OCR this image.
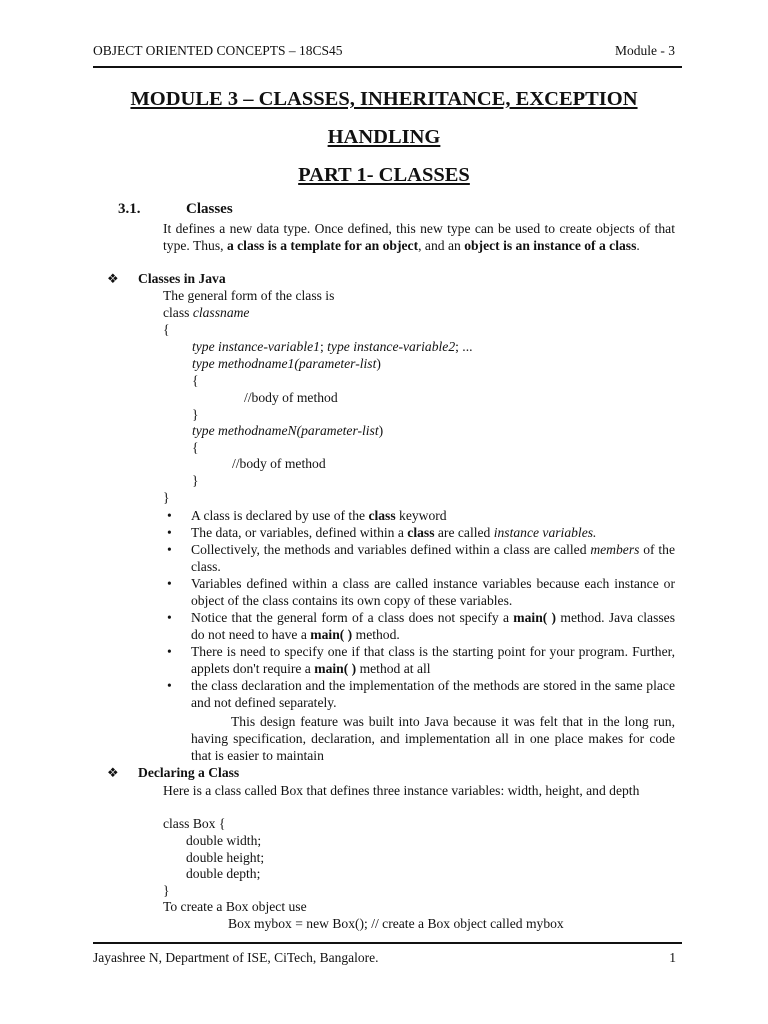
OBJECT ORIENTED CONCEPTS – 18CS45	Module - 3
MODULE 3 – CLASSES, INHERITANCE, EXCEPTION
HANDLING
PART 1- CLASSES
3.1.	Classes
It defines a new data type. Once defined, this new type can be used to create objects of that type. Thus, a class is a template for an object, and an object is an instance of a class.
❖ Classes in Java
The general form of the class is
class classname
{
type instance-variable1; type instance-variable2; ...
type methodname1(parameter-list)
{
//body of method
}
type methodnameN(parameter-list)
{
//body of method
}
}
• A class is declared by use of the class keyword
• The data, or variables, defined within a class are called instance variables.
• Collectively, the methods and variables defined within a class are called members of the class.
• Variables defined within a class are called instance variables because each instance or object of the class contains its own copy of these variables.
• Notice that the general form of a class does not specify a main( ) method. Java classes do not need to have a main( ) method.
• There is need to specify one if that class is the starting point for your program. Further, applets don't require a main( ) method at all
• the class declaration and the implementation of the methods are stored in the same place and not defined separately.
This design feature was built into Java because it was felt that in the long run, having specification, declaration, and implementation all in one place makes for code that is easier to maintain
❖ Declaring a Class
Here is a class called Box that defines three instance variables: width, height, and depth
class Box {
double width;
double height;
double depth;
}
To create a Box object use
Box mybox = new Box(); // create a Box object called mybox
Jayashree N, Department of ISE, CiTech, Bangalore.	1
